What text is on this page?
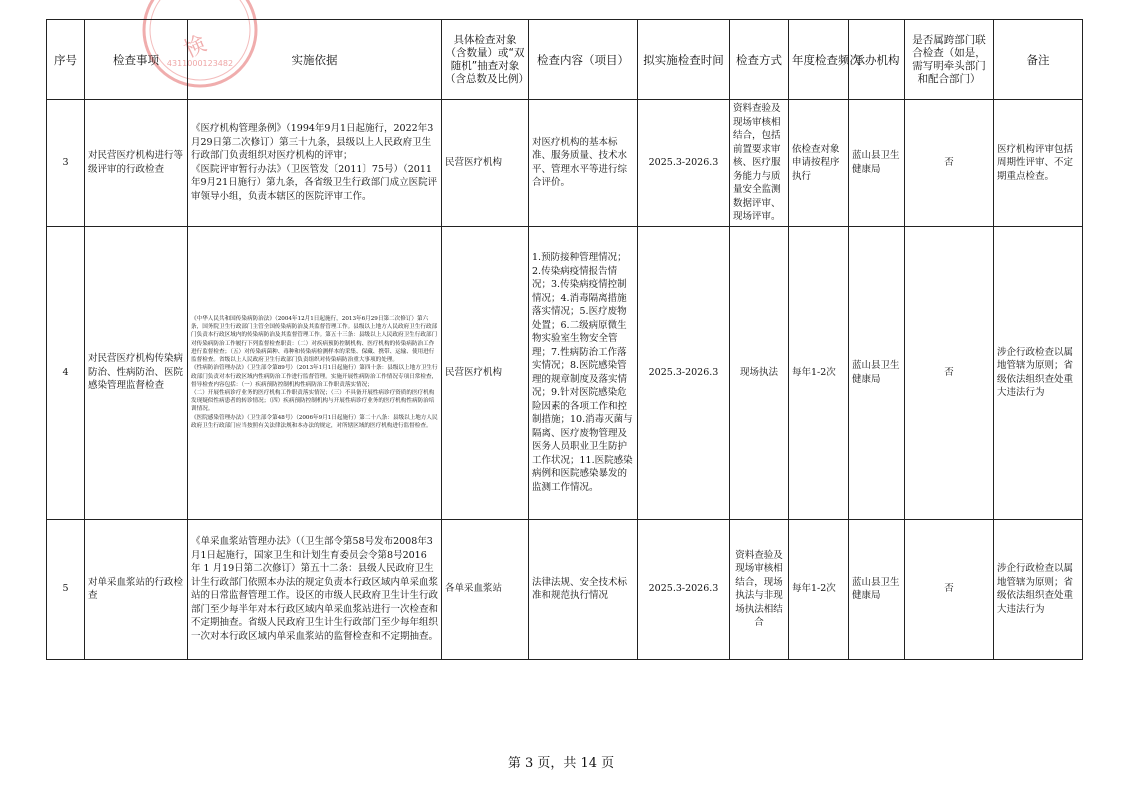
4311000123482
検
序号	检查事项	实施依据	具体检查对象（含数量）或“双随机”抽查对象（含总数及比例）	检查内容（项目）	拟实施检查时间	检查方式	年度检查频次	承办机构	是否属跨部门联合检查（如是，需写明牵头部门和配合部门）	备注
3	对民营医疗机构进行等级评审的行政检查	《医疗机构管理条例》（1994年9月1日起施行，2022年3月29日第二次修订）第三十九条，县级以上人民政府卫生行政部门负责组织对医疗机构的评审；

《医院评审暂行办法》（卫医管发〔2011〕75号）（2011年9月21日施行）第九条，各省级卫生行政部门成立医院评审领导小组，负责本辖区的医院评审工作。	民营医疗机构	对医疗机构的基本标准、服务质量、技术水平、管理水平等进行综合评价。	2025.3-2026.3	资料查验及现场审核相结合，包括前置要求审核、医疗服务能力与质量安全监测数据评审、现场评审。	依检查对象申请按程序执行	蓝山县卫生健康局	否	医疗机构评审包括周期性评审、不定期重点检查。
4	对民营医疗机构传染病防治、性病防治、医院感染管理监督检查	《中华人民共和国传染病防治法》（2004年12月1日起施行，2013年6月29日第二次修订）第六条，国务院卫生行政部门主管全国传染病防治及其监督管理工作。县级以上地方人民政府卫生行政部门负责本行政区域内的传染病防治及其监督管理工作。第五十三条：县级以上人民政府卫生行政部门对传染病防治工作履行下列监督检查职责：（二）对疾病预防控制机构、医疗机构的传染病防治工作进行监督检查；（五）对传染病菌种、毒种和传染病检测样本的采集、保藏、携带、运输、使用进行监督检查。省级以上人民政府卫生行政部门负责组织对传染病防治重大事项的处理。

《性病防治管理办法》（卫生部令第89号）（2013年1月1日起施行）第四十条：县级以上地方卫生行政部门负责对本行政区域内性病防治工作进行监督管理。实施开展性病防治工作情况专项日常检查，督导检查内容包括：（一）疾病预防控制机构性病防治工作职责落实情况；

（二）开展性病诊疗业务的医疗机构工作职责落实情况；（三）不具备开展性病诊疗资质的医疗机构发现疑似性病患者的转诊情况；（四）疾病预防控制机构与开展性病诊疗业务的医疗机构性病防治培训情况。

《医院感染管理办法》（卫生部令第48号）（2006年9月1日起施行）第二十八条：县级以上地方人民政府卫生行政部门应当按照有关法律法规和本办法的规定，对所辖区域的医疗机构进行监督检查。	民营医疗机构	1.预防接种管理情况；2.传染病疫情报告情况；3.传染病疫情控制情况；4.消毒隔离措施落实情况；5.医疗废物处置；6.二级病原微生物实验室生物安全管理；7.性病防治工作落实情况；8.医院感染管理的规章制度及落实情况；9.针对医院感染危险因素的各项工作和控制措施；10.消毒灭菌与隔离、医疗废物管理及医务人员职业卫生防护工作状况；11.医院感染病例和医院感染暴发的监测工作情况。	2025.3-2026.3	现场执法	每年1-2次	蓝山县卫生健康局	否	涉企行政检查以属地管辖为原则；省级依法组织查处重大违法行为
5	对单采血浆站的行政检查	《单采血浆站管理办法》（（卫生部令第58号发布2008年3月1日起施行，国家卫生和计划生育委员会令第8号2016 年 1 月19日第二次修订）第五十二条：县级人民政府卫生计生行政部门依照本办法的规定负责本行政区域内单采血浆站的日常监督管理工作。设区的市级人民政府卫生计生行政部门至少每半年对本行政区域内单采血浆站进行一次检查和不定期抽查。省级人民政府卫生计生行政部门至少每年组织一次对本行政区域内单采血浆站的监督检查和不定期抽查。	各单采血浆站	法律法规、安全技术标准和规范执行情况	2025.3-2026.3	资料查验及现场审核相结合，现场执法与非现场执法相结合	每年1-2次	蓝山县卫生健康局	否	涉企行政检查以属地管辖为原则；省级依法组织查处重大违法行为
第 3 页，共 14 页
